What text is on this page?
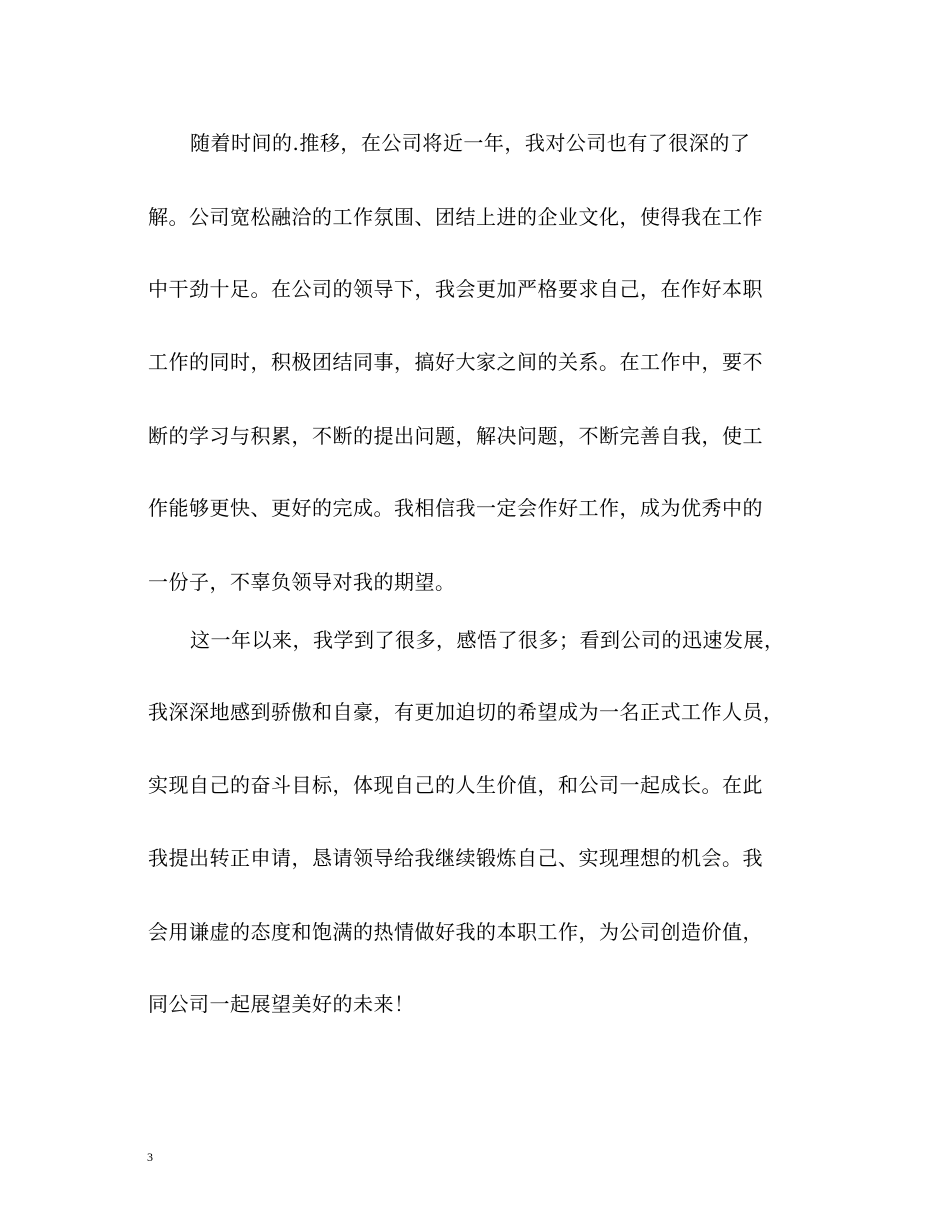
随着时间的.推移，在公司将近一年，我对公司也有了很深的了
解。公司宽松融洽的工作氛围、团结上进的企业文化，使得我在工作
中干劲十足。在公司的领导下，我会更加严格要求自己，在作好本职
工作的同时，积极团结同事，搞好大家之间的关系。在工作中，要不
断的学习与积累，不断的提出问题，解决问题，不断完善自我，使工
作能够更快、更好的完成。我相信我一定会作好工作，成为优秀中的
一份子，不辜负领导对我的期望。
这一年以来，我学到了很多，感悟了很多；看到公司的迅速发展，
我深深地感到骄傲和自豪，有更加迫切的希望成为一名正式工作人员，
实现自己的奋斗目标，体现自己的人生价值，和公司一起成长。在此
我提出转正申请，恳请领导给我继续锻炼自己、实现理想的机会。我
会用谦虚的态度和饱满的热情做好我的本职工作，为公司创造价值，
同公司一起展望美好的未来！
3
